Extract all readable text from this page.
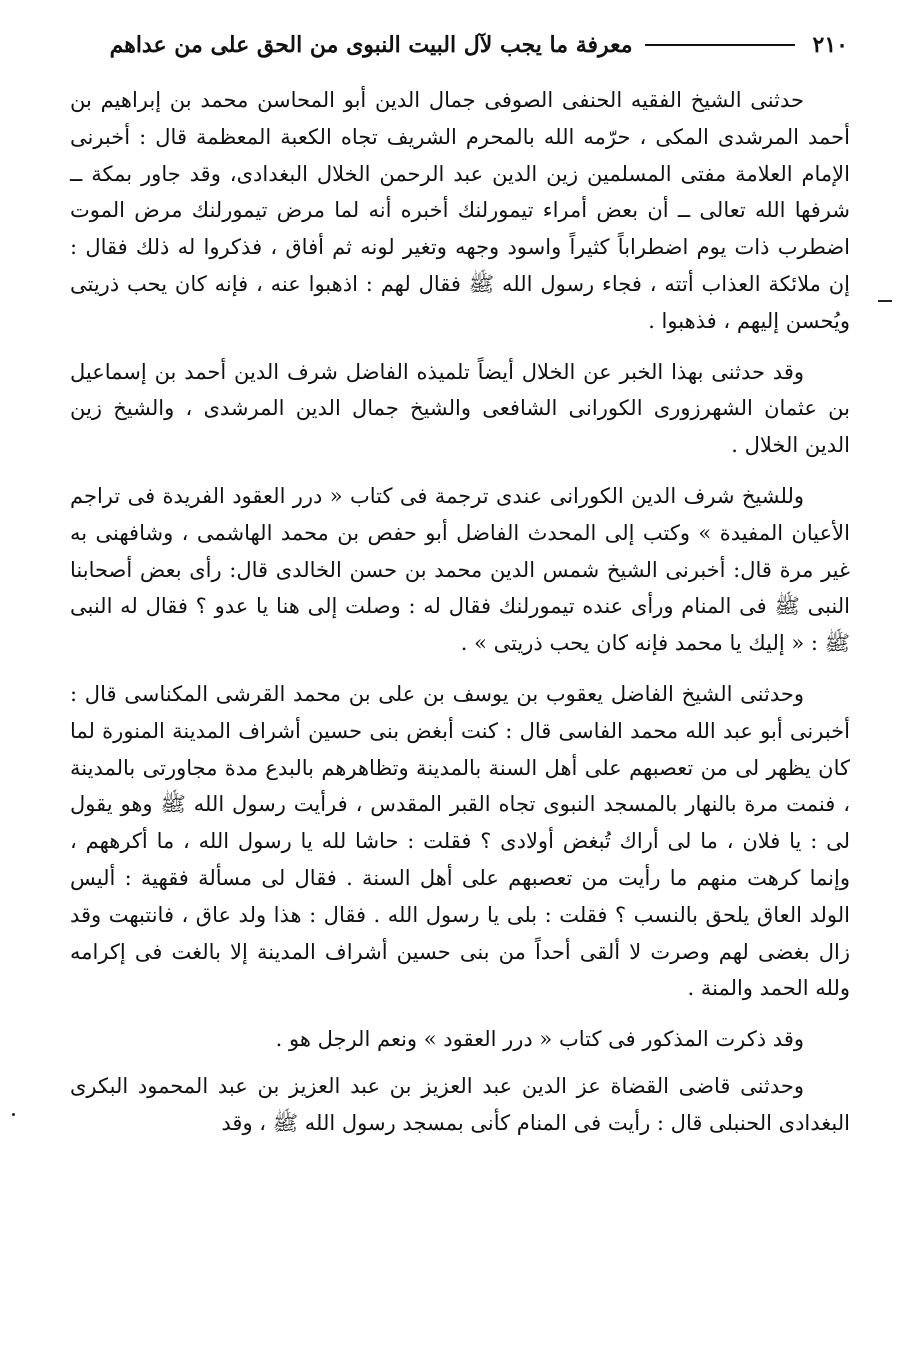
٢١٠
معرفة ما يجب لآل البيت النبوى من الحق على من عداهم

حدثنى الشيخ الفقيه الحنفى الصوفى جمال الدين أبو المحاسن محمد بن إبراهيم بن أحمد المرشدى المكى ، حرّمه الله بالمحرم الشريف تجاه الكعبة المعظمة قال : أخبرنى الإمام العلامة مفتى المسلمين زين الدين عبد الرحمن الخلال البغدادى، وقد جاور بمكة ــ شرفها الله تعالى ــ أن بعض أمراء تيمورلنك أخبره أنه لما مرض تيمورلنك مرض الموت اضطرب ذات يوم اضطراباً كثيراً واسود وجهه وتغير لونه ثم أفاق ، فذكروا له ذلك فقال : إن ملائكة العذاب أتته ، فجاء رسول الله ﷺ فقال لهم : اذهبوا عنه ، فإنه كان يحب ذريتى ويُحسن إليهم ، فذهبوا .

وقد حدثنى بهذا الخبر عن الخلال أيضاً تلميذه الفاضل شرف الدين أحمد بن إسماعيل بن عثمان الشهرزورى الكورانى الشافعى والشيخ جمال الدين المرشدى ، والشيخ زين الدين الخلال .

وللشيخ شرف الدين الكورانى عندى ترجمة فى كتاب « درر العقود الفريدة فى تراجم الأعيان المفيدة » وكتب إلى المحدث الفاضل أبو حفص بن محمد الهاشمى ، وشافهنى به غير مرة قال: أخبرنى الشيخ شمس الدين محمد بن حسن الخالدى قال: رأى بعض أصحابنا النبى ﷺ فى المنام ورأى عنده تيمورلنك فقال له : وصلت إلى هنا يا عدو ؟ فقال له النبى ﷺ : « إليك يا محمد فإنه كان يحب ذريتى » .

وحدثنى الشيخ الفاضل يعقوب بن يوسف بن على بن محمد القرشى المكناسى قال : أخبرنى أبو عبد الله محمد الفاسى قال : كنت أبغض بنى حسين أشراف المدينة المنورة لما كان يظهر لى من تعصبهم على أهل السنة بالمدينة وتظاهرهم بالبدع مدة مجاورتى بالمدينة ، فنمت مرة بالنهار بالمسجد النبوى تجاه القبر المقدس ، فرأيت رسول الله ﷺ وهو يقول لى : يا فلان ، ما لى أراك تُبغض أولادى ؟ فقلت : حاشا لله يا رسول الله ، ما أكرههم ، وإنما كرهت منهم ما رأيت من تعصبهم على أهل السنة . فقال لى مسألة فقهية : أليس الولد العاق يلحق بالنسب ؟ فقلت : بلى يا رسول الله . فقال : هذا ولد عاق ، فانتبهت وقد زال بغضى لهم وصرت لا ألقى أحداً من بنى حسين أشراف المدينة إلا بالغت فى إكرامه ولله الحمد والمنة .

وقد ذكرت المذكور فى كتاب « درر العقود » ونعم الرجل هو .

وحدثنى قاضى القضاة عز الدين عبد العزيز بن عبد العزيز بن عبد المحمود البكرى البغدادى الحنبلى قال : رأيت فى المنام كأنى بمسجد رسول الله ﷺ ، وقد
